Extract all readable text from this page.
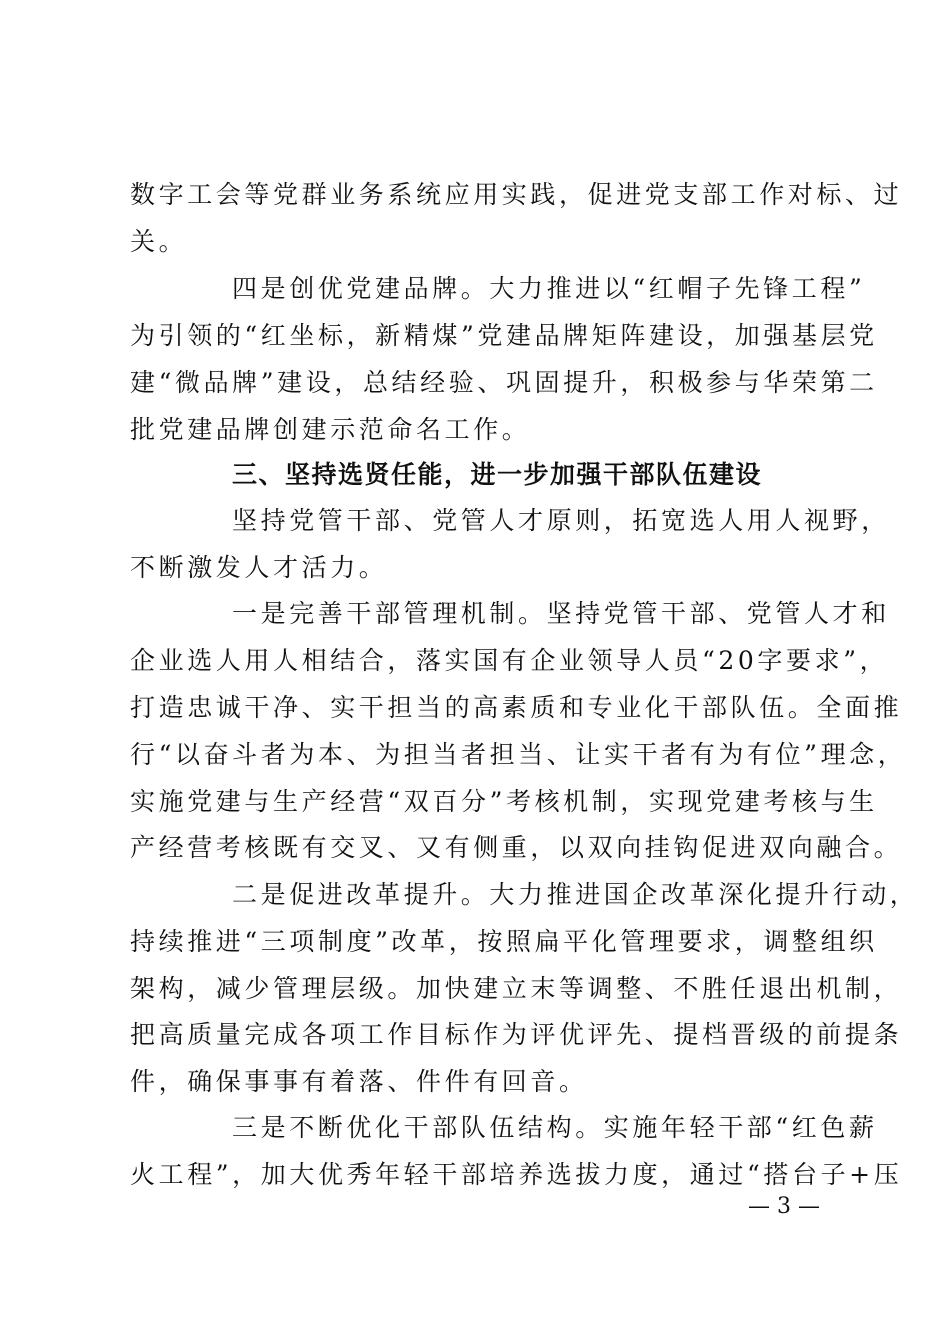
数字工会等党群业务系统应用实践，促进党支部工作对标、过
关。
四是创优党建品牌。大力推进以“红帽子先锋工程”
为引领的“红坐标，新精煤”党建品牌矩阵建设，加强基层党
建“微品牌”建设，总结经验、巩固提升，积极参与华荣第二
批党建品牌创建示范命名工作。
三、坚持选贤任能，进一步加强干部队伍建设
坚持党管干部、党管人才原则，拓宽选人用人视野，
不断激发人才活力。
一是完善干部管理机制。坚持党管干部、党管人才和
企业选人用人相结合，落实国有企业领导人员“20字要求”，
打造忠诚干净、实干担当的高素质和专业化干部队伍。全面推
行“以奋斗者为本、为担当者担当、让实干者有为有位”理念，
实施党建与生产经营“双百分”考核机制，实现党建考核与生
产经营考核既有交叉、又有侧重，以双向挂钩促进双向融合。
二是促进改革提升。大力推进国企改革深化提升行动，
持续推进“三项制度”改革，按照扁平化管理要求，调整组织
架构，减少管理层级。加快建立末等调整、不胜任退出机制，
把高质量完成各项工作目标作为评优评先、提档晋级的前提条
件，确保事事有着落、件件有回音。
三是不断优化干部队伍结构。实施年轻干部“红色薪
火工程”，加大优秀年轻干部培养选拔力度，通过“搭台子+压
— 3 —
